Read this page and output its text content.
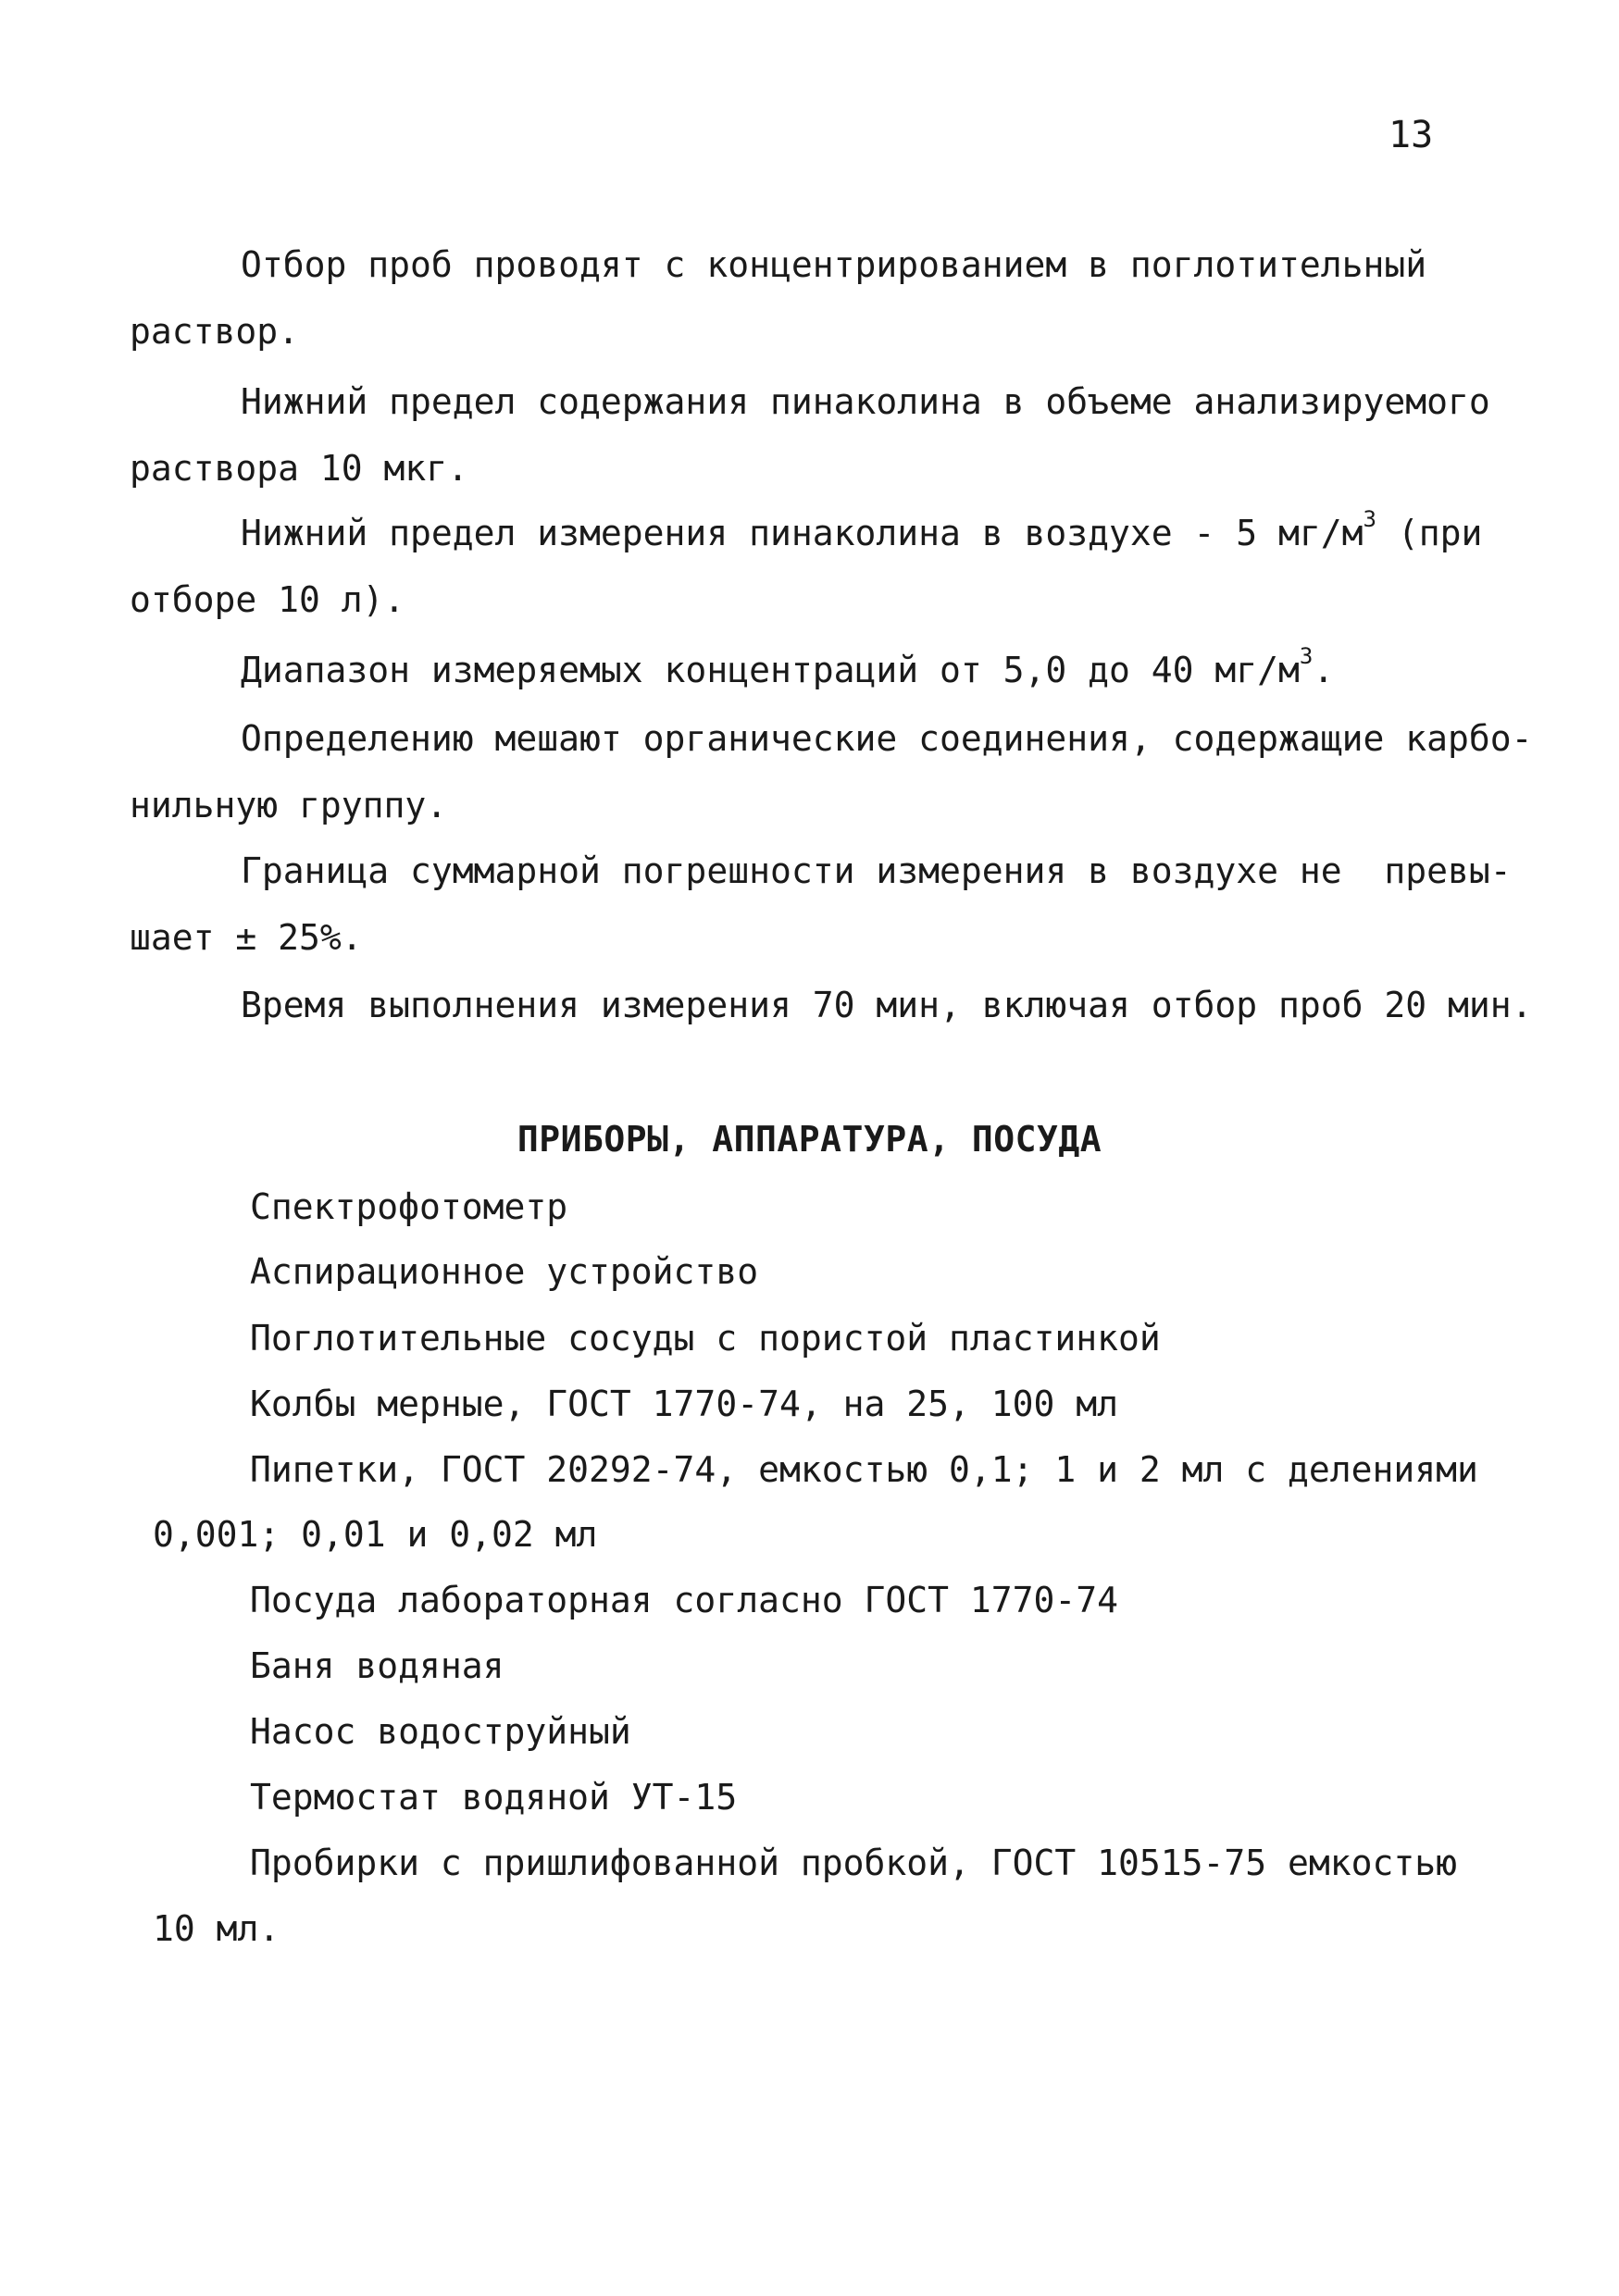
13
Отбор проб проводят с концентрированием в поглотительный
раствор.
Нижний предел содержания пинаколина в объеме анализируемого
раствора 10 мкг.
Нижний предел измерения пинаколина в воздухе - 5 $мг/м^3$ (при
отборе 10 л).
Диапазон измеряемых концентраций от 5,0 до 40 $мг/м^3$.
Определению мешают органические соединения, содержащие карбо-
нильную группу.
Граница суммарной погрешности измерения в воздухе не  превы-
шает ± 25%.
Время выполнения измерения 70 мин, включая отбор проб 20 мин.
ПРИБОРЫ, АППАРАТУРА, ПОСУДА
Спектрофотометр
Аспирационное устройство
Поглотительные сосуды с пористой пластинкой
Колбы мерные, ГОСТ 1770-74, на 25, 100 мл
Пипетки, ГОСТ 20292-74, емкостью 0,1; 1 и 2 мл с делениями
0,001; 0,01 и 0,02 мл
Посуда лабораторная согласно ГОСТ 1770-74
Баня водяная
Насос водоструйный
Термостат водяной УТ-15
Пробирки с пришлифованной пробкой, ГОСТ 10515-75 емкостью
10 мл.
